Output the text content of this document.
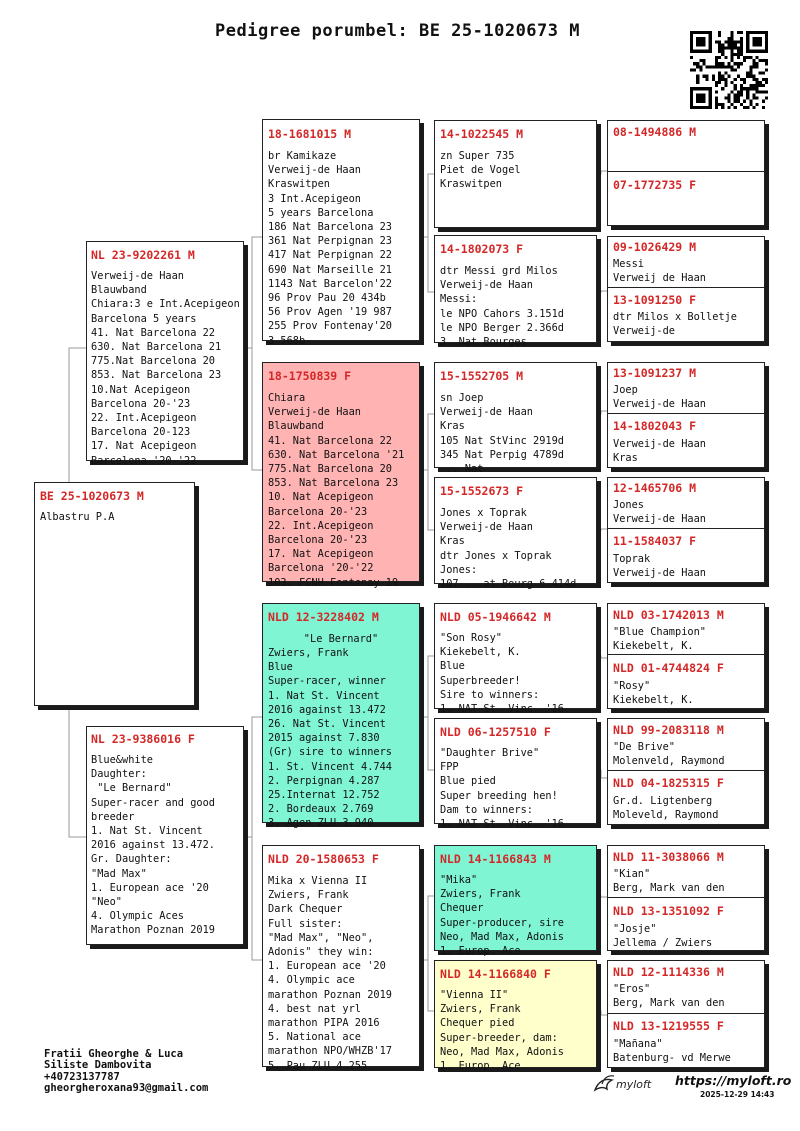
Pedigree porumbel: BE 25-1020673 M
BE 25-1020673 M
Albastru P.A
NL 23-9202261 M
Verweij-de Haan
Blauwband
Chiara:3 e Int.Acepigeon
Barcelona 5 years
41. Nat Barcelona 22
630. Nat Barcelona 21
775.Nat Barcelona 20
853. Nat Barcelona 23
10.Nat Acepigeon
Barcelona 20-'23
22. Int.Acepigeon
Barcelona 20-123
17. Nat Acepigeon
Barcelona '20-'22
NL 23-9386016 F
Blue&white
Daughter:
"Le Bernard"
Super-racer and good
breeder
1. Nat St. Vincent
2016 against 13.472.
Gr. Daughter:
"Mad Max"
1. European ace '20
"Neo"
4. Olympic Aces
Marathon Poznan 2019
18-1681015 M
br Kamikaze
Verweij-de Haan
Kraswitpen
3 Int.Acepigeon
5 years Barcelona
186 Nat Barcelona 23
361 Nat Perpignan 23
417 Nat Perpignan 22
690 Nat Marseille 21
1143 Nat Barcelon'22
96 Prov Pau 20 434b
56 Prov Agen '19 987
255 Prov Fontenay'20
3 568b
18-1750839 F
Chiara
Verweij-de Haan
Blauwband
41. Nat Barcelona 22
630. Nat Barcelona '21
775.Nat Barcelona 20
853. Nat Barcelona 23
10. Nat Acepigeon
Barcelona 20-'23
22. Int.Acepigeon
Barcelona 20-'23
17. Nat Acepigeon
Barcelona '20-'22
103. FCNH Fontenay 19
NLD 12-3228402 M
"Le Bernard"
Zwiers, Frank
Blue
Super-racer, winner
1. Nat St. Vincent
2016 against 13.472
26. Nat St. Vincent
2015 against 7.830
(Gr) sire to winners
1. St. Vincent 4.744
2. Perpignan 4.287
25.Internat 12.752
2. Bordeaux 2.769
3. Agen ZLU 3.940
NLD 20-1580653 F
Mika x Vienna II
Zwiers, Frank
Dark Chequer
Full sister:
"Mad Max", "Neo",
Adonis" they win:
1. European ace '20
4. Olympic ace
marathon Poznan 2019
4. best nat yrl
marathon PIPA 2016
5. National ace
marathon NPO/WHZB'17
5. Pau ZLU 4.255
14-1022545 M
zn Super 735
Piet de Vogel
Kraswitpen
14-1802073 F
dtr Messi grd Milos
Verweij-de Haan
Messi:
le NPO Cahors 3.151d
le NPO Berger 2.366d
3. Nat Bourges
15-1552705 M
sn Joep
Verweij-de Haan
Kras
105 Nat StVinc 2919d
345 Nat Perpig 4789d
... Nat
15-1552673 F
Jones x Toprak
Verweij-de Haan
Kras
dtr Jones x Toprak
Jones:
107 ...at Bourg 6.414d
NLD 05-1946642 M
"Son Rosy"
Kiekebelt, K.
Blue
Superbreeder!
Sire to winners:
1. NAT St. Vinc. '16
NLD 06-1257510 F
"Daughter Brive"
FPP
Blue pied
Super breeding hen!
Dam to winners:
1. NAT St. Vinc. '16
NLD 14-1166843 M
"Mika"
Zwiers, Frank
Chequer
Super-producer, sire
Neo, Mad Max, Adonis
1. Europ. Ace
NLD 14-1166840 F
"Vienna II"
Zwiers, Frank
Chequer pied
Super-breeder, dam:
Neo, Mad Max, Adonis
1. Europ. Ace
08-1494886 M
07-1772735 F
09-1026429 M
Messi
Verweij de Haan
13-1091250 F
dtr Milos x Bolletje
Verweij-de
13-1091237 M
Joep
Verweij-de Haan
14-1802043 F
Verweij-de Haan
Kras
12-1465706 M
Jones
Verweij-de Haan
11-1584037 F
Toprak
Verweij-de Haan
NLD 03-1742013 M
"Blue Champion"
Kiekebelt, K.
NLD 01-4744824 F
"Rosy"
Kiekebelt, K.
NLD 99-2083118 M
"De Brive"
Molenveld, Raymond
NLD 04-1825315 F
Gr.d. Ligtenberg
Moleveld, Raymond
NLD 11-3038066 M
"Kian"
Berg, Mark van den
NLD 13-1351092 F
"Josje"
Jellema / Zwiers
NLD 12-1114336 M
"Eros"
Berg, Mark van den
NLD 13-1219555 F
"Mañana"
Batenburg- vd Merwe
Fratii Gheorghe & Luca
Siliste Dambovita
+40723137787
gheorgheroxana93@gmail.com	myloft https://myloft.ro
2025-12-29 14:43
